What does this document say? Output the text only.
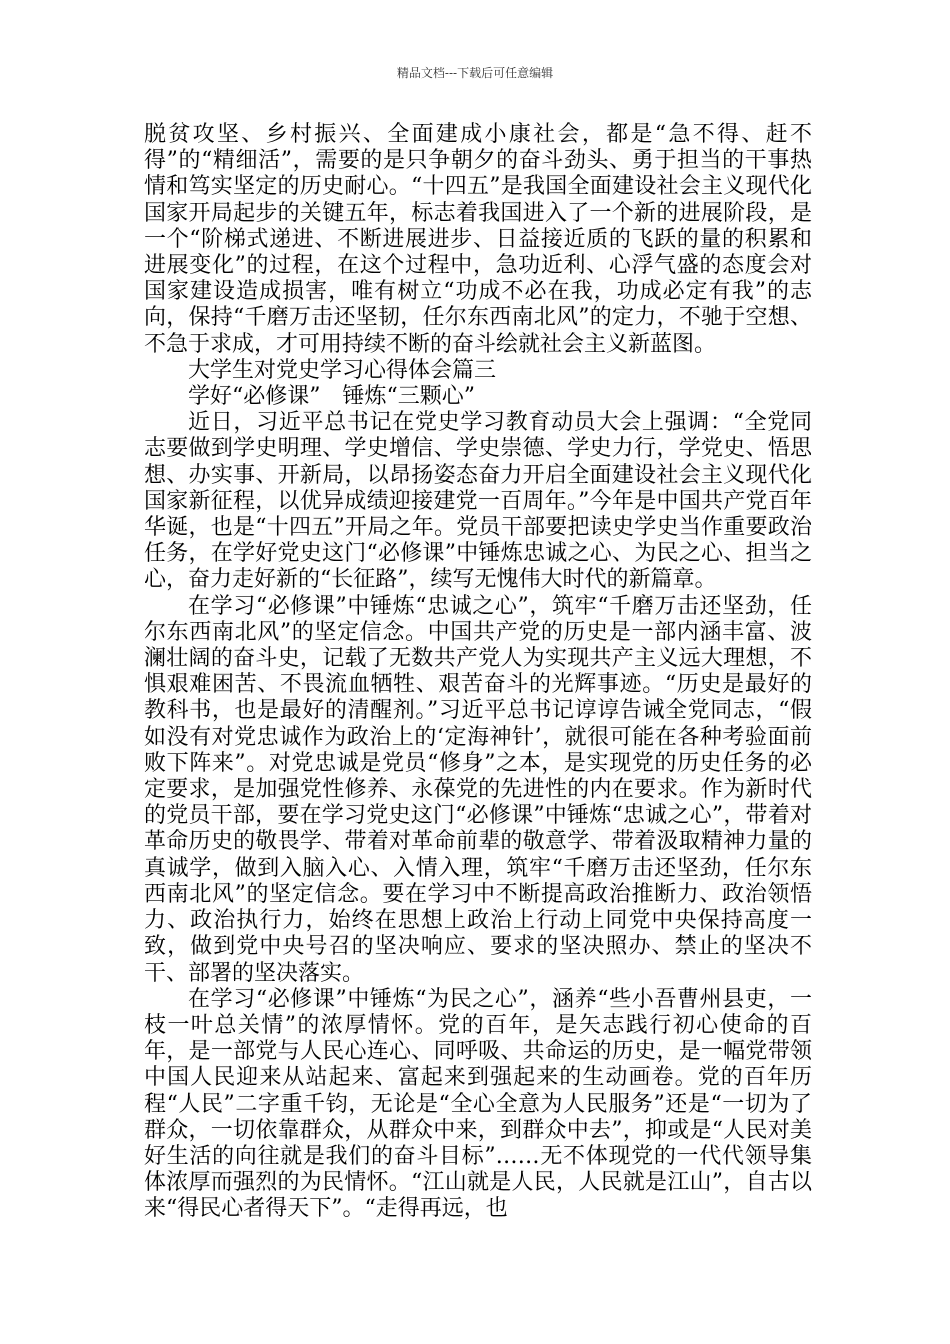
精品文档---下载后可任意编辑

脱贫攻坚、乡村振兴、全面建成小康社会，都是“急不得、赶不得”的“精细活”，需要的是只争朝夕的奋斗劲头、勇于担当的干事热情和笃实坚定的历史耐心。“十四五”是我国全面建设社会主义现代化国家开局起步的关键五年，标志着我国进入了一个新的进展阶段，是一个“阶梯式递进、不断进展进步、日益接近质的飞跃的量的积累和进展变化”的过程，在这个过程中，急功近利、心浮气盛的态度会对国家建设造成损害，唯有树立“功成不必在我，功成必定有我”的志向，保持“千磨万击还坚韧，任尔东西南北风”的定力，不驰于空想、不急于求成，才可用持续不断的奋斗绘就社会主义新蓝图。

大学生对党史学习心得体会篇三

学好“必修课”　锤炼“三颗心”

近日，习近平总书记在党史学习教育动员大会上强调：“全党同志要做到学史明理、学史增信、学史崇德、学史力行，学党史、悟思想、办实事、开新局，以昂扬姿态奋力开启全面建设社会主义现代化国家新征程，以优异成绩迎接建党一百周年。”今年是中国共产党百年华诞，也是“十四五”开局之年。党员干部要把读史学史当作重要政治任务，在学好党史这门“必修课”中锤炼忠诚之心、为民之心、担当之心，奋力走好新的“长征路”，续写无愧伟大时代的新篇章。

在学习“必修课”中锤炼“忠诚之心”，筑牢“千磨万击还坚劲，任尔东西南北风”的坚定信念。中国共产党的历史是一部内涵丰富、波澜壮阔的奋斗史，记载了无数共产党人为实现共产主义远大理想，不惧艰难困苦、不畏流血牺牲、艰苦奋斗的光辉事迹。“历史是最好的教科书，也是最好的清醒剂。”习近平总书记谆谆告诫全党同志，“假如没有对党忠诚作为政治上的‘定海神针’，就很可能在各种考验面前败下阵来”。对党忠诚是党员“修身”之本，是实现党的历史任务的必定要求，是加强党性修养、永葆党的先进性的内在要求。作为新时代的党员干部，要在学习党史这门“必修课”中锤炼“忠诚之心”，带着对革命历史的敬畏学、带着对革命前辈的敬意学、带着汲取精神力量的真诚学，做到入脑入心、入情入理，筑牢“千磨万击还坚劲，任尔东西南北风”的坚定信念。要在学习中不断提高政治推断力、政治领悟力、政治执行力，始终在思想上政治上行动上同党中央保持高度一致，做到党中央号召的坚决响应、要求的坚决照办、禁止的坚决不干、部署的坚决落实。

在学习“必修课”中锤炼“为民之心”，涵养“些小吾曹州县吏，一枝一叶总关情”的浓厚情怀。党的百年，是矢志践行初心使命的百年，是一部党与人民心连心、同呼吸、共命运的历史，是一幅党带领中国人民迎来从站起来、富起来到强起来的生动画卷。党的百年历程“人民”二字重千钧，无论是“全心全意为人民服务”还是“一切为了群众，一切依靠群众，从群众中来，到群众中去”，抑或是“人民对美好生活的向往就是我们的奋斗目标”……无不体现党的一代代领导集体浓厚而强烈的为民情怀。“江山就是人民，人民就是江山”，自古以来“得民心者得天下”。“走得再远，也
